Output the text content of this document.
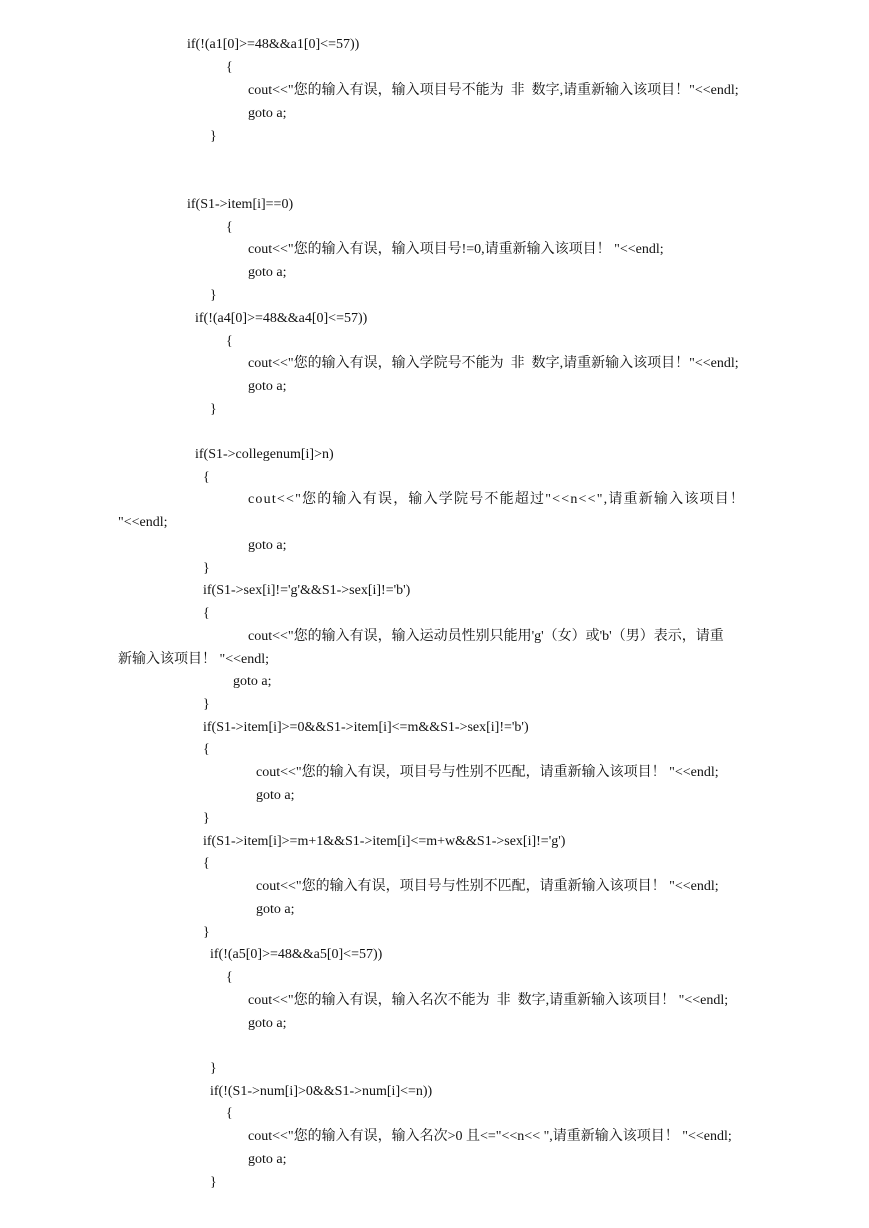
if(!(a1[0]>=48&&a1[0]<=57))
{
cout<<"您的输入有误，输入项目号不能为  非  数字,请重新输入该项目！"<<endl;
goto a;
}
if(S1->item[i]==0)
{
cout<<"您的输入有误，输入项目号!=0,请重新输入该项目！ "<<endl;
goto a;
}
if(!(a4[0]>=48&&a4[0]<=57))
{
cout<<"您的输入有误，输入学院号不能为  非  数字,请重新输入该项目！"<<endl;
goto a;
}
if(S1->collegenum[i]>n)
{
cout<<"您的输入有误，输入学院号不能超过"<<n<<",请重新输入该项目！
"<<endl;
goto a;
}
if(S1->sex[i]!='g'&&S1->sex[i]!='b')
{
cout<<"您的输入有误，输入运动员性别只能用'g'（女）或'b'（男）表示，请重
新输入该项目！ "<<endl;
goto a;
}
if(S1->item[i]>=0&&S1->item[i]<=m&&S1->sex[i]!='b')
{
cout<<"您的输入有误，项目号与性别不匹配，请重新输入该项目！ "<<endl;
goto a;
}
if(S1->item[i]>=m+1&&S1->item[i]<=m+w&&S1->sex[i]!='g')
{
cout<<"您的输入有误，项目号与性别不匹配，请重新输入该项目！ "<<endl;
goto a;
}
if(!(a5[0]>=48&&a5[0]<=57))
{
cout<<"您的输入有误，输入名次不能为  非  数字,请重新输入该项目！ "<<endl;
goto a;
}
if(!(S1->num[i]>0&&S1->num[i]<=n))
{
cout<<"您的输入有误，输入名次>0 且<="<<n<< ",请重新输入该项目！ "<<endl;
goto a;
}
